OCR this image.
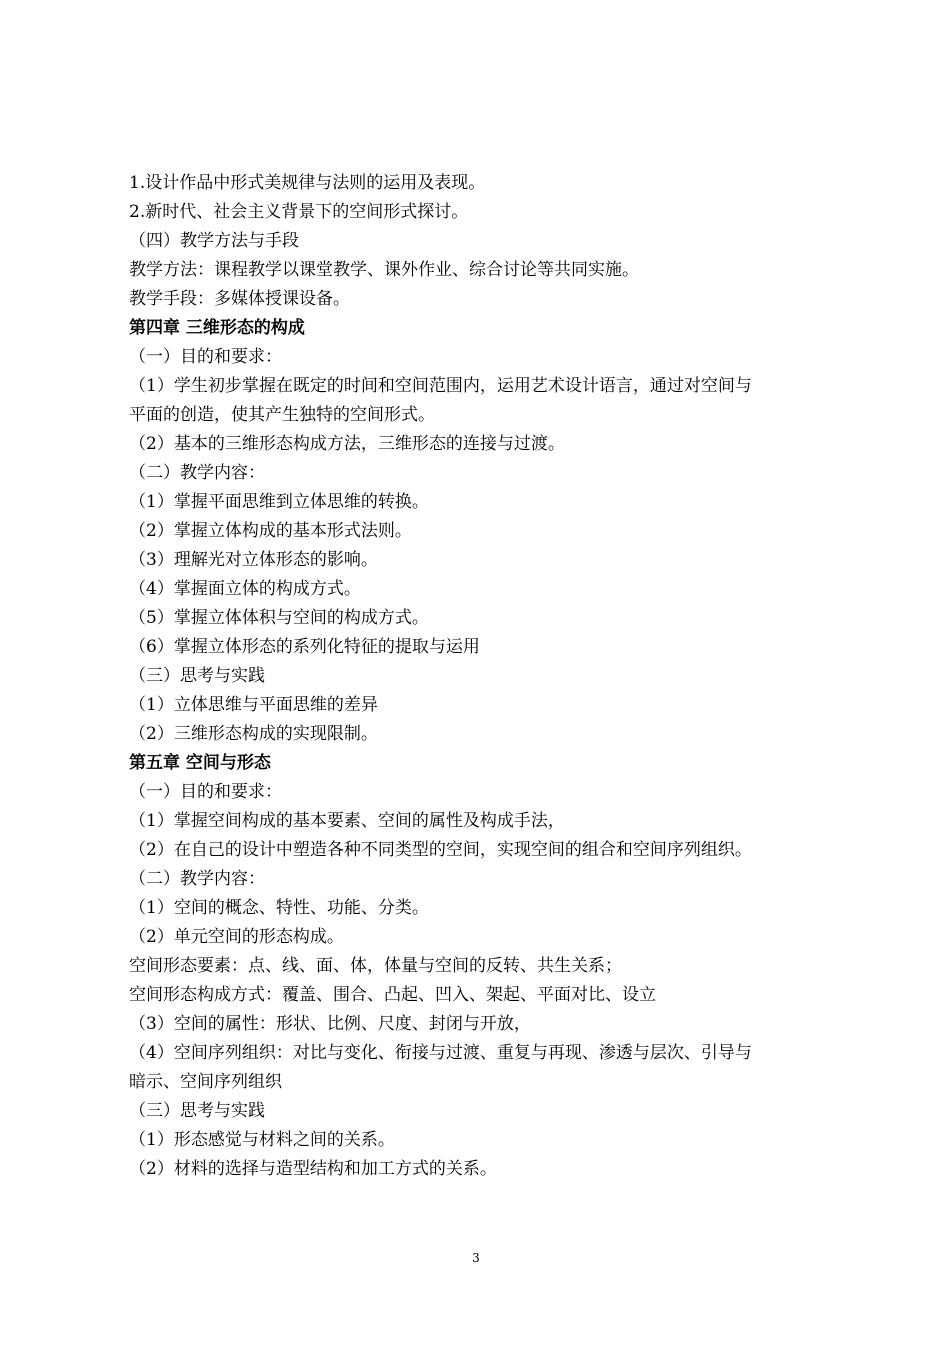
1.设计作品中形式美规律与法则的运用及表现。
2.新时代、社会主义背景下的空间形式探讨。
（四）教学方法与手段
教学方法：课程教学以课堂教学、课外作业、综合讨论等共同实施。
教学手段：多媒体授课设备。
第四章 三维形态的构成
（一）目的和要求：
（1）学生初步掌握在既定的时间和空间范围内，运用艺术设计语言，通过对空间与
平面的创造，使其产生独特的空间形式。
（2）基本的三维形态构成方法，三维形态的连接与过渡。
（二）教学内容：
（1）掌握平面思维到立体思维的转换。
（2）掌握立体构成的基本形式法则。
（3）理解光对立体形态的影响。
（4）掌握面立体的构成方式。
（5）掌握立体体积与空间的构成方式。
（6）掌握立体形态的系列化特征的提取与运用
（三）思考与实践
（1）立体思维与平面思维的差异
（2）三维形态构成的实现限制。
第五章 空间与形态
（一）目的和要求：
（1）掌握空间构成的基本要素、空间的属性及构成手法，
（2）在自己的设计中塑造各种不同类型的空间，实现空间的组合和空间序列组织。
（二）教学内容：
（1）空间的概念、特性、功能、分类。
（2）单元空间的形态构成。
空间形态要素：点、线、面、体，体量与空间的反转、共生关系；
空间形态构成方式：覆盖、围合、凸起、凹入、架起、平面对比、设立
（3）空间的属性：形状、比例、尺度、封闭与开放，
（4）空间序列组织：对比与变化、衔接与过渡、重复与再现、渗透与层次、引导与
暗示、空间序列组织
（三）思考与实践
（1）形态感觉与材料之间的关系。
（2）材料的选择与造型结构和加工方式的关系。
3
